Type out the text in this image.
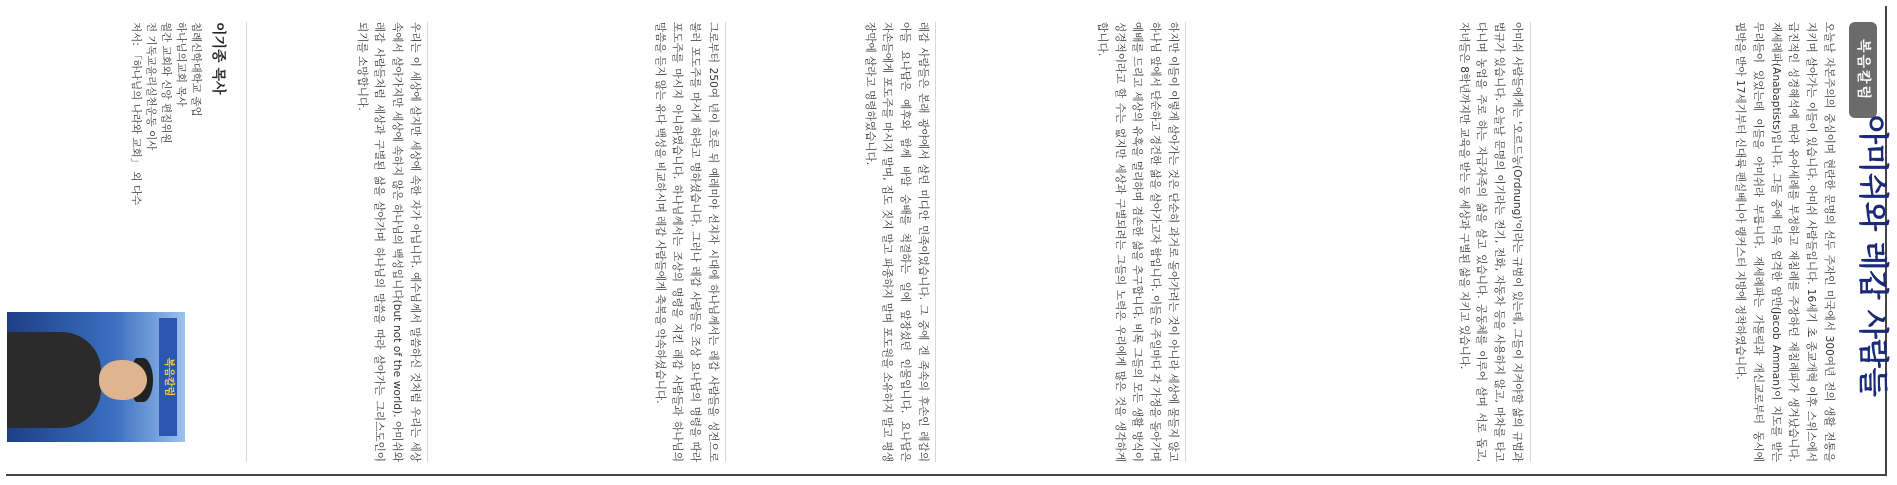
복음칼럼
아미쉬와 레갑 사람들

오늘날 자본주의의 중심이며 현란한 문명의 선두 주자인 미국에서 300여년 전의 생활 전통을 지키며 살아가는 이들이 있습니다. 아미쉬 사람들입니다. 16세기 초 종교개혁 이후 스위스에서 급진적인 성경해석에 따라 유아세례를 부정하고 재침례를 주장하던 재침례파가 생겨났습니다. 재세례파(Anabaptists)입니다. 그들 중에 더욱 엄격한 암만(Jacob Amman)이 지도를 받는 무리들이 있었는데 이들을 아미쉬라 부릅니다. 재세례파는 가톨릭과 개신교로부터 동시에 핍박을 받아 17세기부터 신대륙 펜실베니아 랭커스터 지방에 정착하였습니다.

아미쉬 사람들에게는 '오르드눙(Ordnung)'이라는 규범이 있는데, 그들이 지켜야할 삶의 규범과 법규가 있습니다. 오늘날 문명의 이기라는 전기, 전화, 자동차 등을 사용하지 않고, 마차를 타고 다니며 농업을 주로 하는 자급자족의 삶을 살고 있습니다. 공동체를 이루어 살며 서로 돕고, 자녀들은 8학년까지만 교육을 받는 등 세상과 구별된 삶을 지키고 있습니다.

하지만 이들이 이렇게 살아가는 것은 단순히 과거로 돌아가려는 것이 아니라 세상에 물들지 않고 하나님 앞에서 단순하고 경건한 삶을 살아가고자 함입니다. 이들은 주일마다 각 가정을 돌아가며 예배를 드리고 세상의 유혹을 멀리하며 겸손한 삶을 추구합니다. 비록 그들의 모든 생활 방식이 성경적이라고 할 수는 없지만 세상과 구별되려는 그들의 노력은 우리에게 많은 것을 생각하게 합니다.

레갑 사람들은 본래 광야에서 살던 미디안 민족이었습니다. 그 중에 겐 족속의 후손인 레갑의 아들 요나답은 예후와 함께 바알 숭배를 척결하는 일에 앞장섰던 인물입니다. 요나답은 자손들에게 포도주를 마시지 말며, 집도 짓지 말고 파종하지 말며 포도원을 소유하지 말고 평생 장막에 살라고 명령하였습니다.

그로부터 250여 년이 흐른 뒤 예레미야 선지자 시대에 하나님께서는 레갑 사람들을 성전으로 불러 포도주를 마시게 하라고 명하셨습니다. 그러나 레갑 사람들은 조상 요나답의 명령을 따라 포도주를 마시지 아니하였습니다. 하나님께서는 조상의 명령을 지킨 레갑 사람들과 하나님의 말씀을 듣지 않는 유다 백성을 비교하시며 레갑 사람들에게 축복을 약속하셨습니다.

우리는 이 세상에 살지만 세상에 속한 자가 아닙니다. 예수님께서 말씀하신 것처럼 우리는 세상 속에서 살아가지만 세상에 속하지 않은 하나님의 백성입니다(but not of the world). 아미쉬와 레갑 사람들처럼 세상과 구별된 삶을 살아가며 하나님의 말씀을 따라 살아가는 그리스도인이 되기를 소망합니다.

이기종 목사
침례신학대학교 졸업
하나님의교회 목사
월간 교회와 신앙 편집위원
전 기독교윤리실천운동 이사
저서: 「하나님의 나라와 교회」 외 다수
복음칼럼
